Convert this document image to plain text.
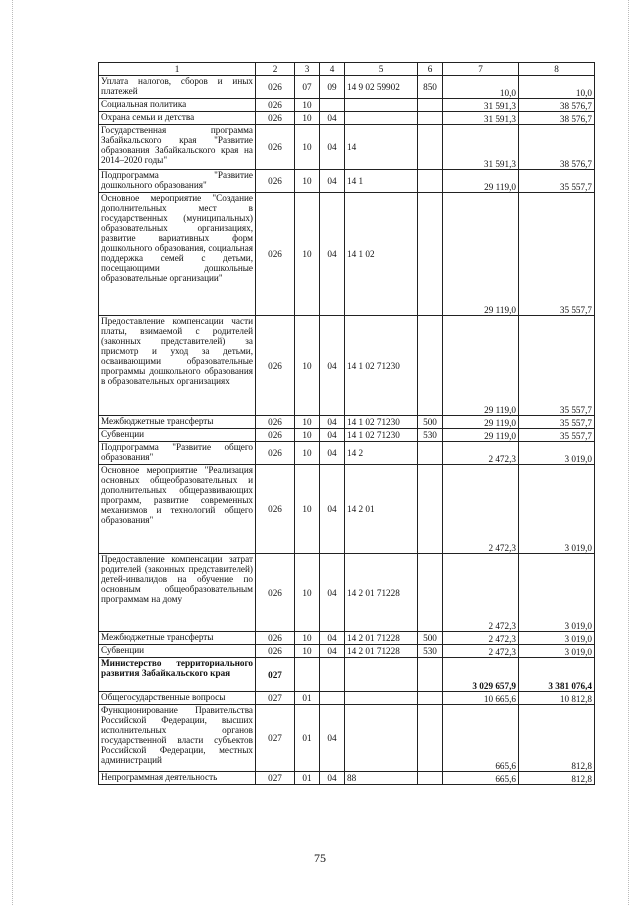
1	2	3	4	5	6	7	8
Уплата налогов, сборов и иных платежей	026	07	09	14 9 02 59902	850	10,0	10,0
Социальная политика	026	10				31 591,3	38 576,7
Охрана семьи и детства	026	10	04			31 591,3	38 576,7
Государственная программа Забайкальского края "Развитие образования Забайкальского края на 2014–2020 годы"	026	10	04	14		31 591,3	38 576,7
Подпрограмма "Развитие дошкольного образования"	026	10	04	14 1		29 119,0	35 557,7
Основное мероприятие "Создание дополнительных мест в государственных (муниципальных) образовательных организациях, развитие вариативных форм дошкольного образования, социальная поддержка семей с детьми, посещающими дошкольные образовательные организации"	026	10	04	14 1 02		29 119,0	35 557,7
Предоставление компенсации части платы, взимаемой с родителей (законных представителей) за присмотр и уход за детьми, осваивающими образовательные программы дошкольного образования в образовательных организациях	026	10	04	14 1 02 71230		29 119,0	35 557,7
Межбюджетные трансферты	026	10	04	14 1 02 71230	500	29 119,0	35 557,7
Субвенции	026	10	04	14 1 02 71230	530	29 119,0	35 557,7
Подпрограмма "Развитие общего образования"	026	10	04	14 2		2 472,3	3 019,0
Основное мероприятие "Реализация основных общеобразовательных и дополнительных общеразвивающих программ, развитие современных механизмов и технологий общего образования"	026	10	04	14 2 01		2 472,3	3 019,0
Предоставление компенсации затрат родителей (законных представителей) детей-инвалидов на обучение по основным общеобразовательным программам на дому	026	10	04	14 2 01 71228		2 472,3	3 019,0
Межбюджетные трансферты	026	10	04	14 2 01 71228	500	2 472,3	3 019,0
Субвенции	026	10	04	14 2 01 71228	530	2 472,3	3 019,0
Министерство территориального развития Забайкальского края	027					3 029 657,9	3 381 076,4
Общегосударственные вопросы	027	01				10 665,6	10 812,8
Функционирование Правительства Российской Федерации, высших исполнительных органов государственной власти субъектов Российской Федерации, местных администраций	027	01	04			665,6	812,8
Непрограммная деятельность	027	01	04	88		665,6	812,8
75
